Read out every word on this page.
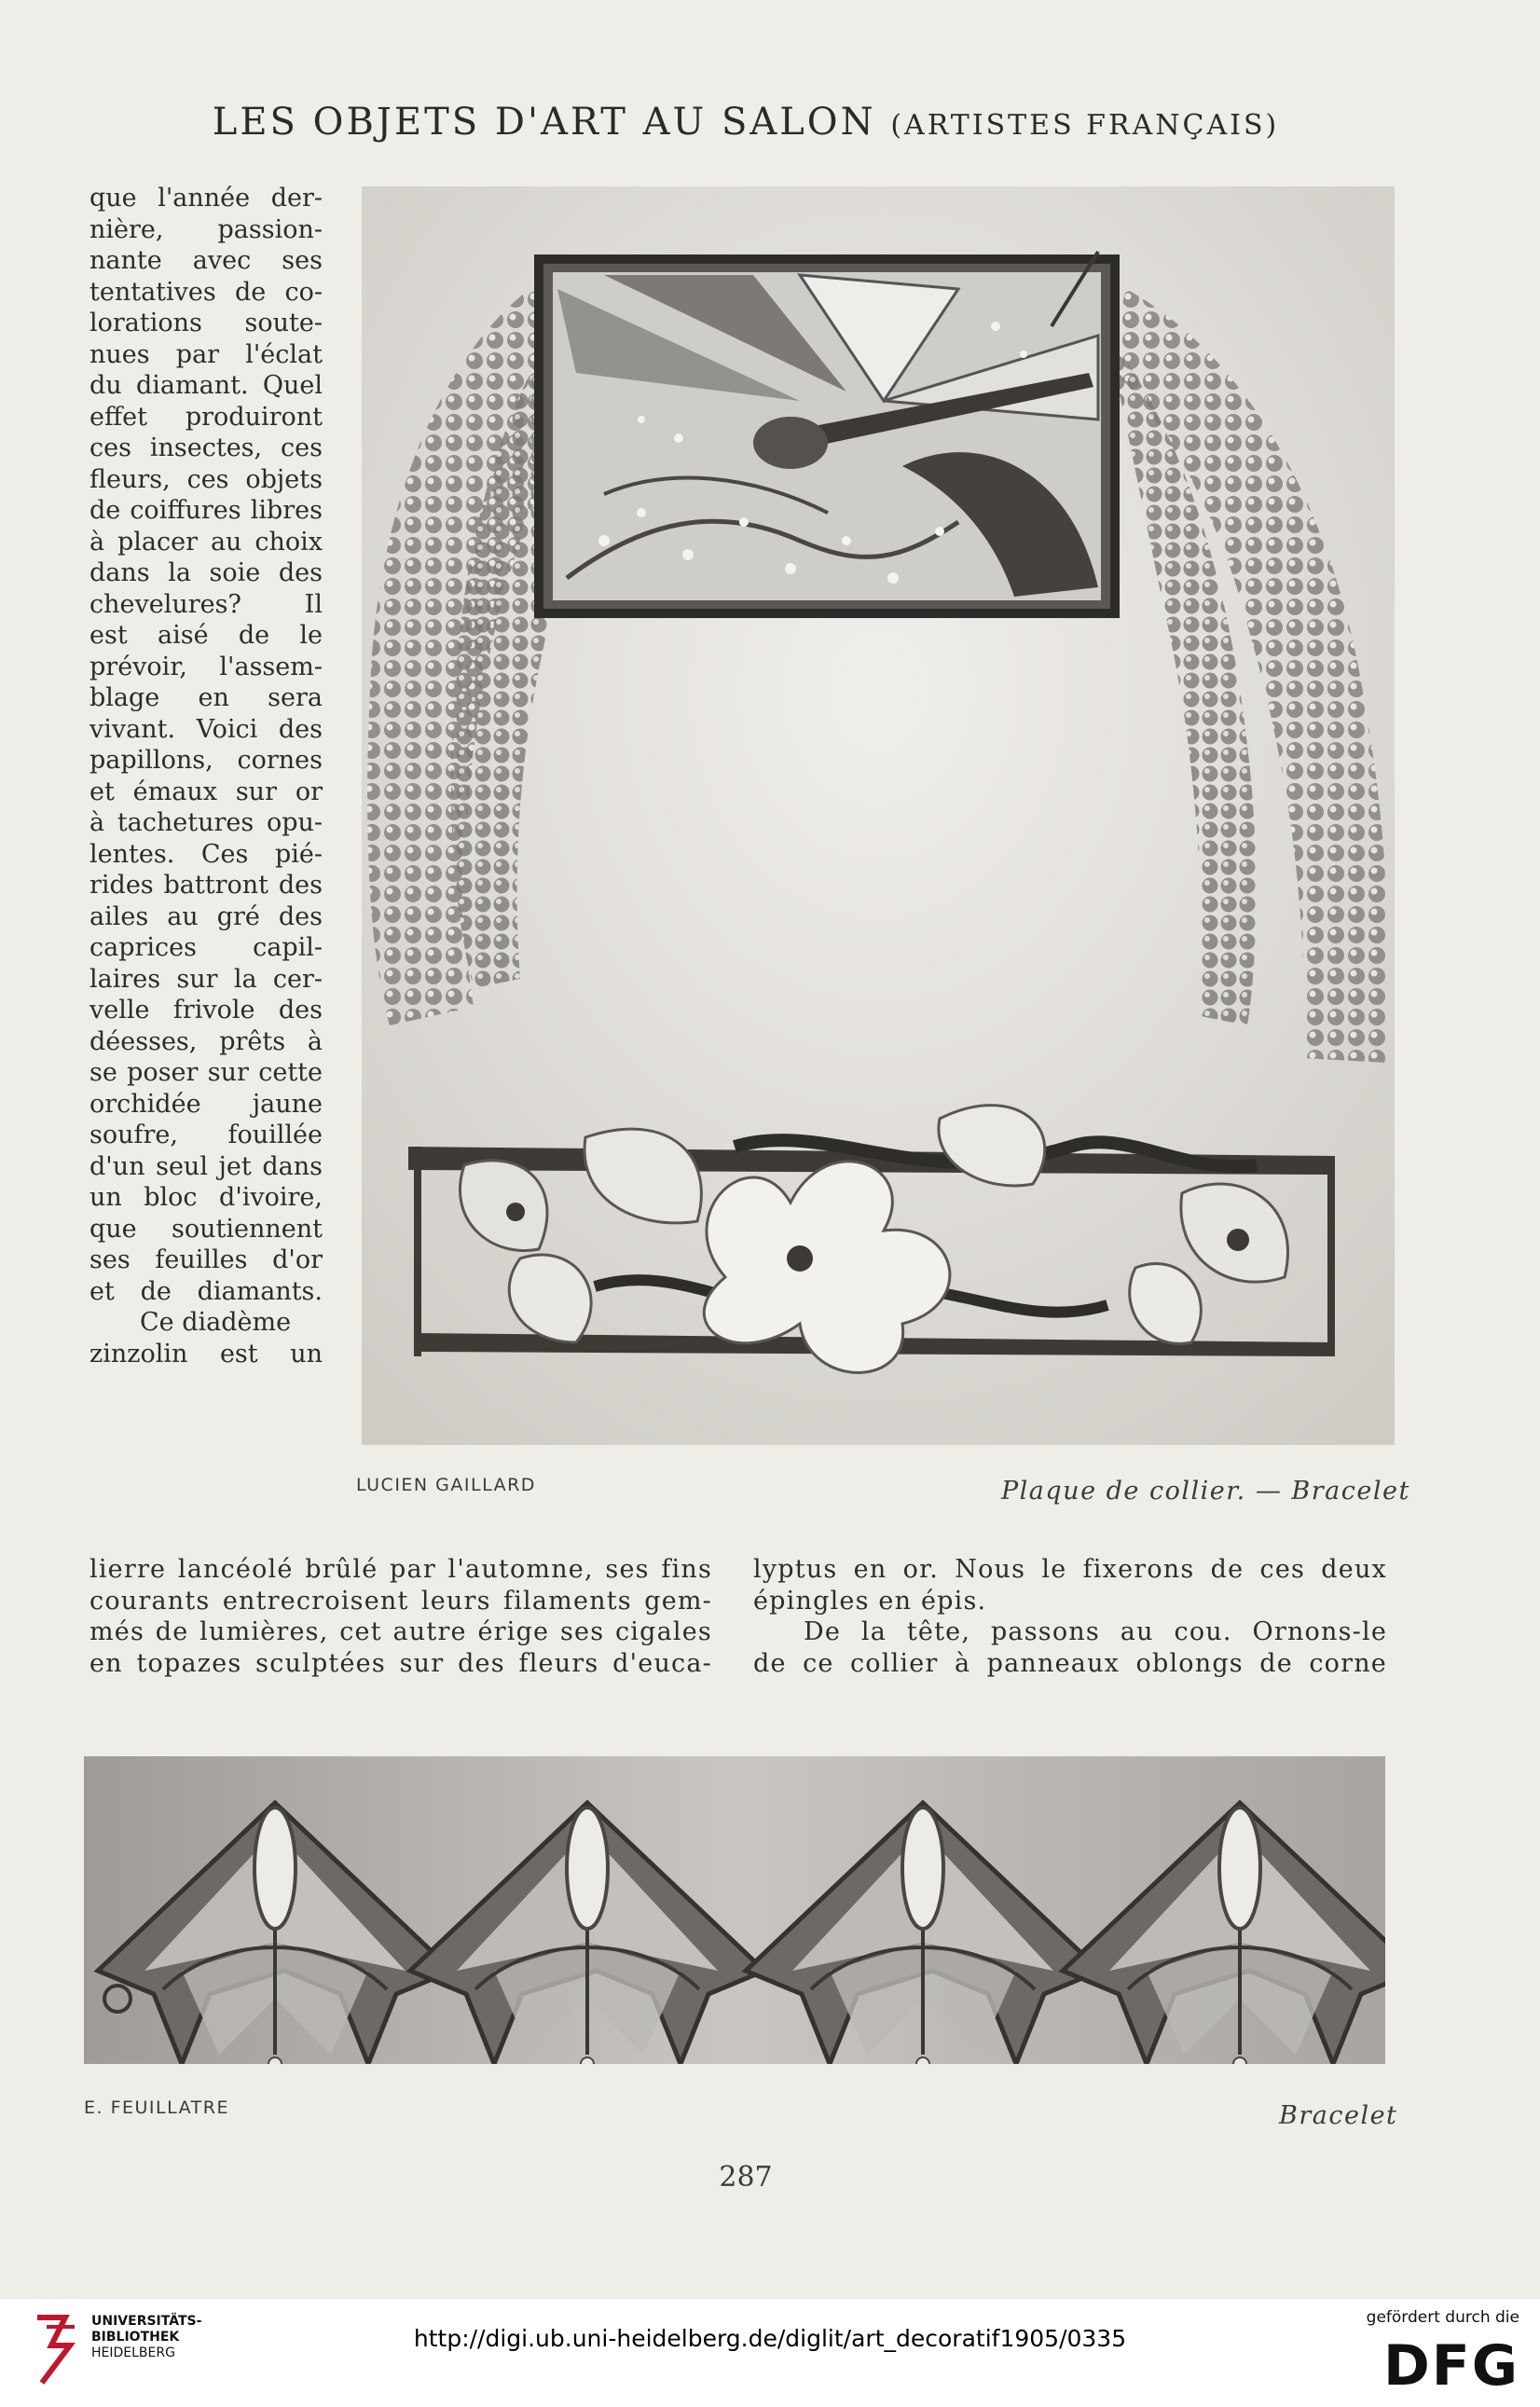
LES OBJETS D'ART AU SALON (ARTISTES FRANÇAIS)
que l'année der-
nière, passion-
nante avec ses
tentatives de co-
lorations soute-
nues par l'éclat
du diamant. Quel
effet produiront
ces insectes, ces
fleurs, ces objets
de coiffures libres
à placer au choix
dans la soie des
chevelures? Il
est aisé de le
prévoir, l'assem-
blage en sera
vivant. Voici des
papillons, cornes
et émaux sur or
à tachetures opu-
lentes. Ces pié-
rides battront des
ailes au gré des
caprices capil-
laires sur la cer-
velle frivole des
déesses, prêts à
se poser sur cette
orchidée jaune
soufre, fouillée
d'un seul jet dans
un bloc d'ivoire,
que soutiennent
ses feuilles d'or
et de diamants.
Ce diadème
zinzolin est un
LUCIEN GAILLARD	Plaque de collier. — Bracelet
lierre lancéolé brûlé par l'automne, ses fins
courants entrecroisent leurs filaments gem-
més de lumières, cet autre érige ses cigales
en topazes sculptées sur des fleurs d'euca-
lyptus en or. Nous le fixerons de ces deux
épingles en épis.
De la tête, passons au cou. Ornons-le
de ce collier à panneaux oblongs de corne
E. FEUILLATRE	Bracelet
287
UNIVERSITÄTS-
BIBLIOTHEK
HEIDELBERG
http://digi.ub.uni-heidelberg.de/diglit/art_decoratif1905/0335
gefördert durch die
DFG
